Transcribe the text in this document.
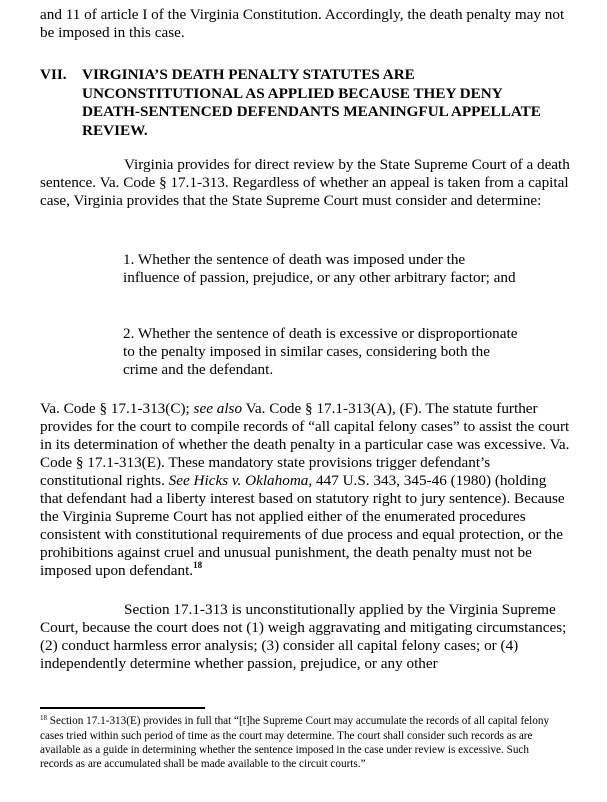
and 11 of article I of the Virginia Constitution. Accordingly, the death penalty may not be imposed in this case.
VII. VIRGINIA’S DEATH PENALTY STATUTES ARE UNCONSTITUTIONAL AS APPLIED BECAUSE THEY DENY DEATH-SENTENCED DEFENDANTS MEANINGFUL APPELLATE REVIEW.
Virginia provides for direct review by the State Supreme Court of a death sentence. Va. Code § 17.1-313. Regardless of whether an appeal is taken from a capital case, Virginia provides that the State Supreme Court must consider and determine:
1. Whether the sentence of death was imposed under the influence of passion, prejudice, or any other arbitrary factor; and
2. Whether the sentence of death is excessive or disproportionate to the penalty imposed in similar cases, considering both the crime and the defendant.
Va. Code § 17.1-313(C); see also Va. Code § 17.1-313(A), (F). The statute further provides for the court to compile records of “all capital felony cases” to assist the court in its determination of whether the death penalty in a particular case was excessive. Va. Code § 17.1-313(E). These mandatory state provisions trigger defendant’s constitutional rights. See Hicks v. Oklahoma, 447 U.S. 343, 345-46 (1980) (holding that defendant had a liberty interest based on statutory right to jury sentence). Because the Virginia Supreme Court has not applied either of the enumerated procedures consistent with constitutional requirements of due process and equal protection, or the prohibitions against cruel and unusual punishment, the death penalty must not be imposed upon defendant.$^{18}$
Section 17.1-313 is unconstitutionally applied by the Virginia Supreme Court, because the court does not (1) weigh aggravating and mitigating circumstances; (2) conduct harmless error analysis; (3) consider all capital felony cases; or (4) independently determine whether passion, prejudice, or any other
$^{18}$ Section 17.1-313(E) provides in full that “[t]he Supreme Court may accumulate the records of all capital felony cases tried within such period of time as the court may determine. The court shall consider such records as are available as a guide in determining whether the sentence imposed in the case under review is excessive. Such records as are accumulated shall be made available to the circuit courts.”
